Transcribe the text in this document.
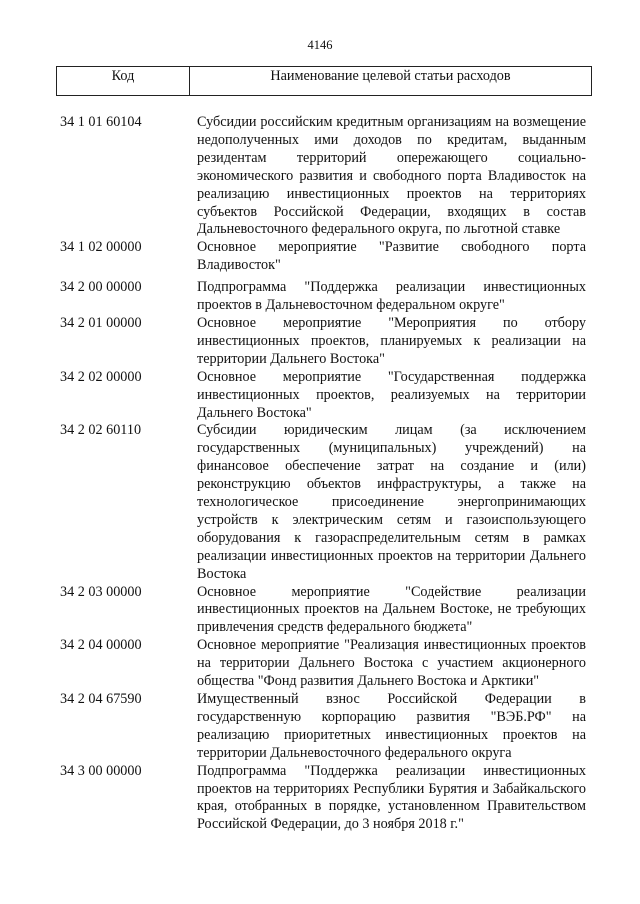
4146
Код	Наименование целевой статьи расходов
34 1 01 60104	Субсидии российским кредитным организациям на возмещение недополученных ими доходов по кредитам, выданным резидентам территорий опережающего социально-экономического развития и свободного порта Владивосток на реализацию инвестиционных проектов на территориях субъектов Российской Федерации, входящих в состав Дальневосточного федерального округа, по льготной ставке
34 1 02 00000	Основное мероприятие "Развитие свободного порта Владивосток"
34 2 00 00000	Подпрограмма "Поддержка реализации инвестиционных проектов в Дальневосточном федеральном округе"
34 2 01 00000	Основное мероприятие "Мероприятия по отбору инвестиционных проектов, планируемых к реализации на территории Дальнего Востока"
34 2 02 00000	Основное мероприятие "Государственная поддержка инвестиционных проектов, реализуемых на территории Дальнего Востока"
34 2 02 60110	Субсидии юридическим лицам (за исключением государственных (муниципальных) учреждений) на финансовое обеспечение затрат на создание и (или) реконструкцию объектов инфраструктуры, а также на технологическое присоединение энергопринимающих устройств к электрическим сетям и газоиспользующего оборудования к газораспределительным сетям в рамках реализации инвестиционных проектов на территории Дальнего Востока
34 2 03 00000	Основное мероприятие "Содействие реализации инвестиционных проектов на Дальнем Востоке, не требующих привлечения средств федерального бюджета"
34 2 04 00000	Основное мероприятие "Реализация инвестиционных проектов на территории Дальнего Востока с участием акционерного общества "Фонд развития Дальнего Востока и Арктики"
34 2 04 67590	Имущественный взнос Российской Федерации в государственную корпорацию развития "ВЭБ.РФ" на реализацию приоритетных инвестиционных проектов на территории Дальневосточного федерального округа
34 3 00 00000	Подпрограмма "Поддержка реализации инвестиционных проектов на территориях Республики Бурятия и Забайкальского края, отобранных в порядке, установленном Правительством Российской Федерации, до 3 ноября 2018 г."
